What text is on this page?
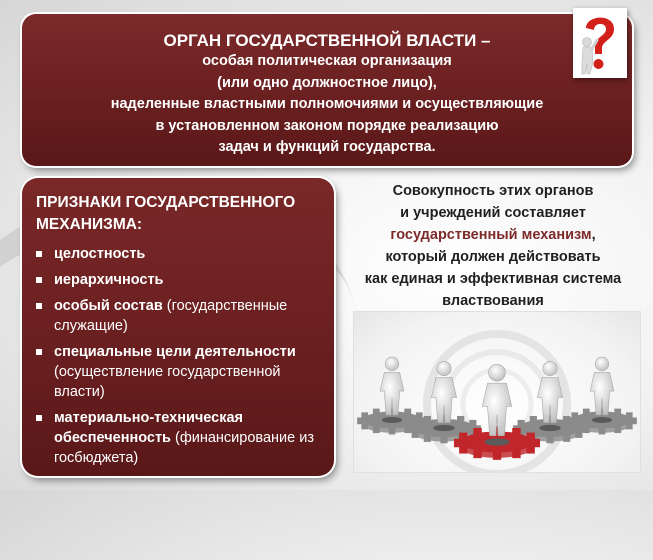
ОРГАН ГОСУДАРСТВЕННОЙ ВЛАСТИ –
особая политическая организация
(или одно должностное лицо),
наделенные властными полномочиями и осуществляющие
в установленном законом порядке реализацию
задач и функций государства.
ПРИЗНАКИ ГОСУДАРСТВЕННОГО
МЕХАНИЗМА:
целостность
иерархичность
особый состав (государственные служащие)
специальные цели деятельности (осуществление государственной власти)
материально-техническая обеспеченность (финансирование из госбюджета)
Совокупность этих органов
и учреждений составляет
государственный механизм,
который должен действовать
как единая и эффективная система
властвования
